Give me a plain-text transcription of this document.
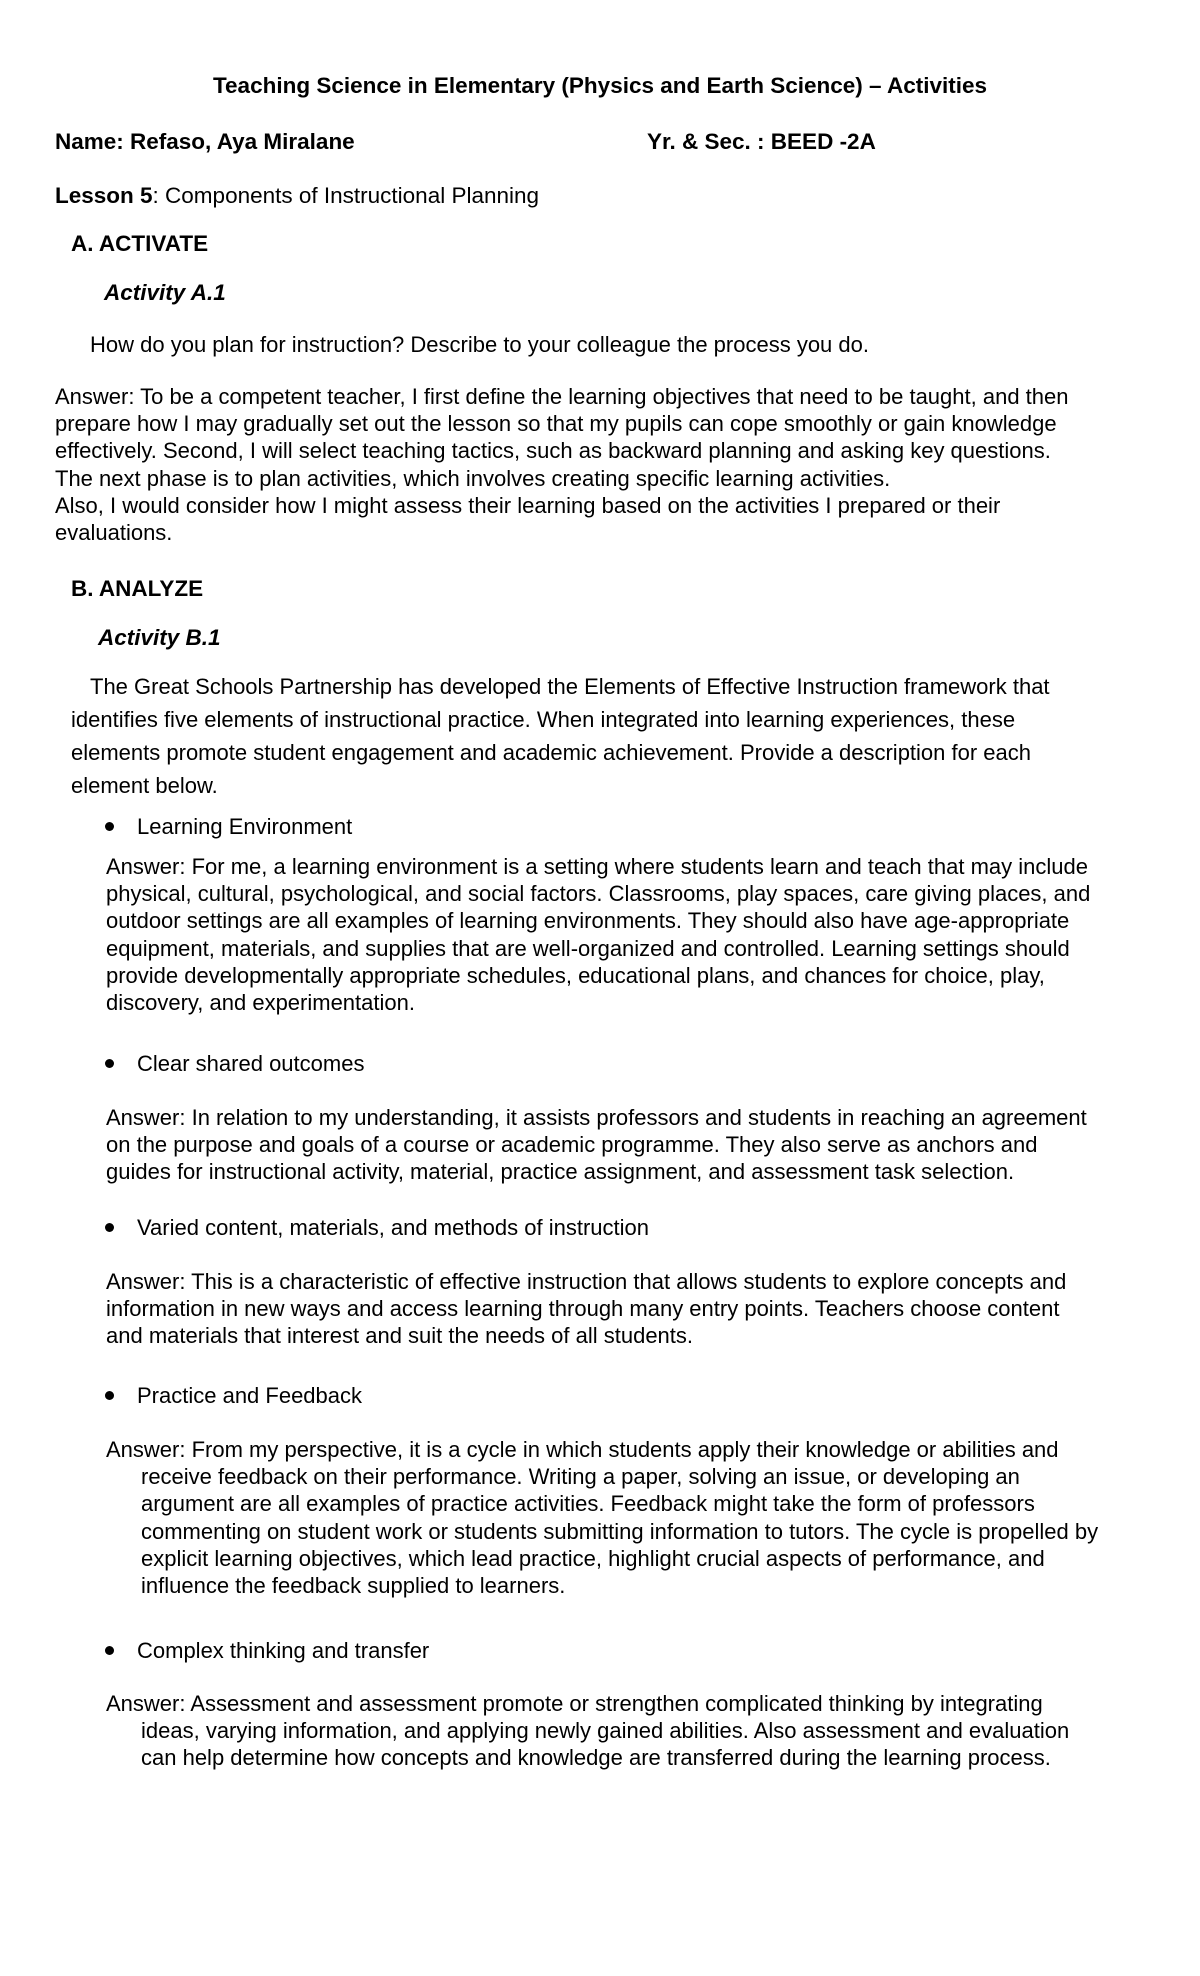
Teaching Science in Elementary (Physics and Earth Science) – Activities
Name: Refaso, Aya Miralane	Yr. & Sec. : BEED -2A
Lesson 5: Components of Instructional Planning
A. ACTIVATE
Activity A.1
How do you plan for instruction? Describe to your colleague the process you do.
Answer: To be a competent teacher, I first define the learning objectives that need to be taught, and then
prepare how I may gradually set out the lesson so that my pupils can cope smoothly or gain knowledge
effectively. Second, I will select teaching tactics, such as backward planning and asking key questions.
The next phase is to plan activities, which involves creating specific learning activities.
Also, I would consider how I might assess their learning based on the activities I prepared or their
evaluations.
B. ANALYZE
Activity B.1
The Great Schools Partnership has developed the Elements of Effective Instruction framework that
identifies five elements of instructional practice. When integrated into learning experiences, these
elements promote student engagement and academic achievement. Provide a description for each
element below.
Learning Environment
Answer: For me, a learning environment is a setting where students learn and teach that may include
physical, cultural, psychological, and social factors. Classrooms, play spaces, care giving places, and
outdoor settings are all examples of learning environments. They should also have age-appropriate
equipment, materials, and supplies that are well-organized and controlled. Learning settings should
provide developmentally appropriate schedules, educational plans, and chances for choice, play,
discovery, and experimentation.
Clear shared outcomes
Answer: In relation to my understanding, it assists professors and students in reaching an agreement
on the purpose and goals of a course or academic programme. They also serve as anchors and
guides for instructional activity, material, practice assignment, and assessment task selection.
Varied content, materials, and methods of instruction
Answer: This is a characteristic of effective instruction that allows students to explore concepts and
information in new ways and access learning through many entry points. Teachers choose content
and materials that interest and suit the needs of all students.
Practice and Feedback
Answer: From my perspective, it is a cycle in which students apply their knowledge or abilities and
receive feedback on their performance. Writing a paper, solving an issue, or developing an
argument are all examples of practice activities. Feedback might take the form of professors
commenting on student work or students submitting information to tutors. The cycle is propelled by
explicit learning objectives, which lead practice, highlight crucial aspects of performance, and
influence the feedback supplied to learners.
Complex thinking and transfer
Answer: Assessment and assessment promote or strengthen complicated thinking by integrating
ideas, varying information, and applying newly gained abilities. Also assessment and evaluation
can help determine how concepts and knowledge are transferred during the learning process.
